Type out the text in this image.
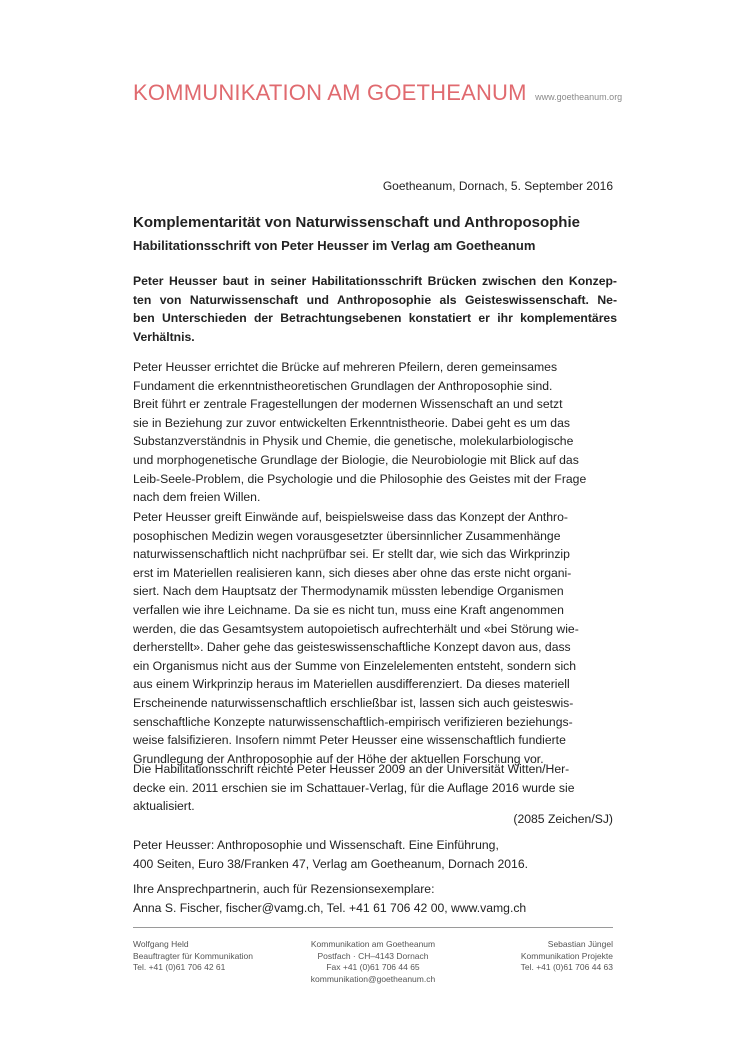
KOMMUNIKATION AM GOETHEANUM www.goetheanum.org
Goetheanum, Dornach, 5. September 2016
Komplementarität von Naturwissenschaft und Anthroposophie
Habilitationsschrift von Peter Heusser im Verlag am Goetheanum
Peter Heusser baut in seiner Habilitationsschrift Brücken zwischen den Konzep-
ten von Naturwissenschaft und Anthroposophie als Geisteswissenschaft. Ne-
ben Unterschieden der Betrachtungsebenen konstatiert er ihr komplementäres
Verhältnis.
Peter Heusser errichtet die Brücke auf mehreren Pfeilern, deren gemeinsames
Fundament die erkenntnistheoretischen Grundlagen der Anthroposophie sind.
Breit führt er zentrale Fragestellungen der modernen Wissenschaft an und setzt
sie in Beziehung zur zuvor entwickelten Erkenntnistheorie. Dabei geht es um das
Substanzverständnis in Physik und Chemie, die genetische, molekularbiologische
und morphogenetische Grundlage der Biologie, die Neurobiologie mit Blick auf das
Leib-Seele-Problem, die Psychologie und die Philosophie des Geistes mit der Frage
nach dem freien Willen.
Peter Heusser greift Einwände auf, beispielsweise dass das Konzept der Anthro-
posophischen Medizin wegen vorausgesetzter übersinnlicher Zusammenhänge
naturwissenschaftlich nicht nachprüfbar sei. Er stellt dar, wie sich das Wirkprinzip
erst im Materiellen realisieren kann, sich dieses aber ohne das erste nicht organi-
siert. Nach dem Hauptsatz der Thermodynamik müssten lebendige Organismen
verfallen wie ihre Leichname. Da sie es nicht tun, muss eine Kraft angenommen
werden, die das Gesamtsystem autopoietisch aufrechterhält und «bei Störung wie-
derherstellt». Daher gehe das geisteswissenschaftliche Konzept davon aus, dass
ein Organismus nicht aus der Summe von Einzelelementen entsteht, sondern sich
aus einem Wirkprinzip heraus im Materiellen ausdifferenziert. Da dieses materiell
Erscheinende naturwissenschaftlich erschließbar ist, lassen sich auch geisteswis-
senschaftliche Konzepte naturwissenschaftlich-empirisch verifizieren beziehungs-
weise falsifizieren. Insofern nimmt Peter Heusser eine wissenschaftlich fundierte
Grundlegung der Anthroposophie auf der Höhe der aktuellen Forschung vor.
Die Habilitationsschrift reichte Peter Heusser 2009 an der Universität Witten/Her-
decke ein. 2011 erschien sie im Schattauer-Verlag, für die Auflage 2016 wurde sie
aktualisiert.
(2085 Zeichen/SJ)
Peter Heusser: Anthroposophie und Wissenschaft. Eine Einführung,
400 Seiten, Euro 38/Franken 47, Verlag am Goetheanum, Dornach 2016.
Ihre Ansprechpartnerin, auch für Rezensionsexemplare:
Anna S. Fischer, fischer@vamg.ch, Tel. +41 61 706 42 00, www.vamg.ch
Wolfgang Held
Beauftragter für Kommunikation
Tel. +41 (0)61 706 42 61
Kommunikation am Goetheanum
Postfach · CH–4143 Dornach
Fax +41 (0)61 706 44 65
kommunikation@goetheanum.ch
Sebastian Jüngel
Kommunikation Projekte
Tel. +41 (0)61 706 44 63
